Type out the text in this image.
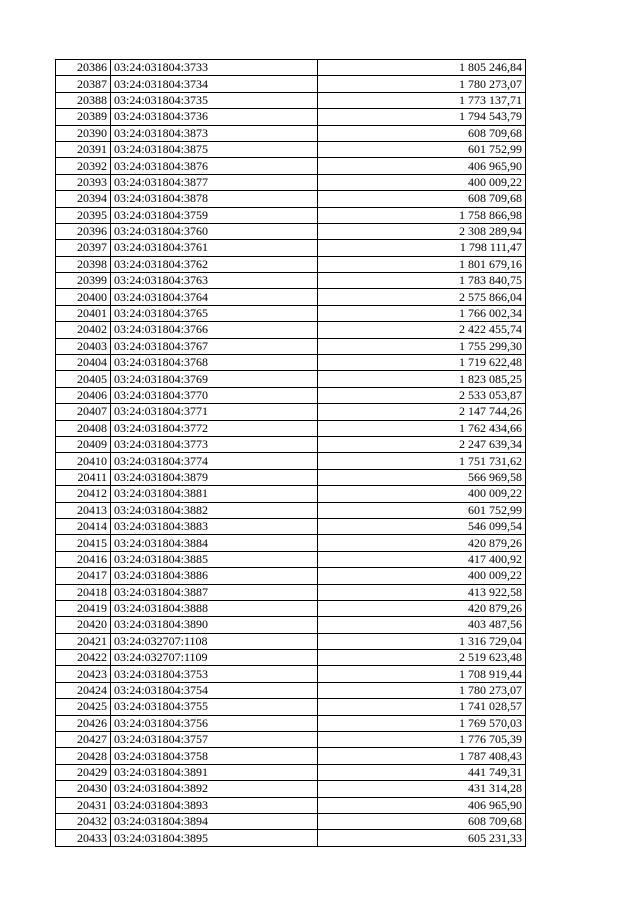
20386	03:24:031804:3733	1 805 246,84
20387	03:24:031804:3734	1 780 273,07
20388	03:24:031804:3735	1 773 137,71
20389	03:24:031804:3736	1 794 543,79
20390	03:24:031804:3873	608 709,68
20391	03:24:031804:3875	601 752,99
20392	03:24:031804:3876	406 965,90
20393	03:24:031804:3877	400 009,22
20394	03:24:031804:3878	608 709,68
20395	03:24:031804:3759	1 758 866,98
20396	03:24:031804:3760	2 308 289,94
20397	03:24:031804:3761	1 798 111,47
20398	03:24:031804:3762	1 801 679,16
20399	03:24:031804:3763	1 783 840,75
20400	03:24:031804:3764	2 575 866,04
20401	03:24:031804:3765	1 766 002,34
20402	03:24:031804:3766	2 422 455,74
20403	03:24:031804:3767	1 755 299,30
20404	03:24:031804:3768	1 719 622,48
20405	03:24:031804:3769	1 823 085,25
20406	03:24:031804:3770	2 533 053,87
20407	03:24:031804:3771	2 147 744,26
20408	03:24:031804:3772	1 762 434,66
20409	03:24:031804:3773	2 247 639,34
20410	03:24:031804:3774	1 751 731,62
20411	03:24:031804:3879	566 969,58
20412	03:24:031804:3881	400 009,22
20413	03:24:031804:3882	601 752,99
20414	03:24:031804:3883	546 099,54
20415	03:24:031804:3884	420 879,26
20416	03:24:031804:3885	417 400,92
20417	03:24:031804:3886	400 009,22
20418	03:24:031804:3887	413 922,58
20419	03:24:031804:3888	420 879,26
20420	03:24:031804:3890	403 487,56
20421	03:24:032707:1108	1 316 729,04
20422	03:24:032707:1109	2 519 623,48
20423	03:24:031804:3753	1 708 919,44
20424	03:24:031804:3754	1 780 273,07
20425	03:24:031804:3755	1 741 028,57
20426	03:24:031804:3756	1 769 570,03
20427	03:24:031804:3757	1 776 705,39
20428	03:24:031804:3758	1 787 408,43
20429	03:24:031804:3891	441 749,31
20430	03:24:031804:3892	431 314,28
20431	03:24:031804:3893	406 965,90
20432	03:24:031804:3894	608 709,68
20433	03:24:031804:3895	605 231,33
